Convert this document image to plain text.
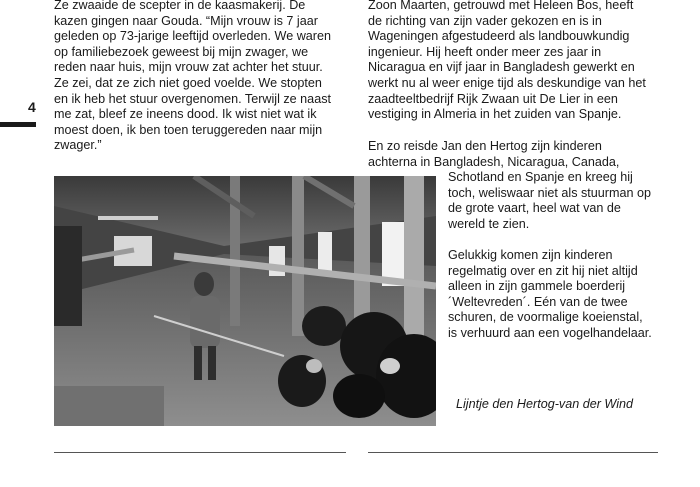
4
Ze zwaaide de scepter in de kaasmakerij. De
kazen gingen naar Gouda. “Mijn vrouw is 7 jaar
geleden op 73-jarige leeftijd overleden. We waren
op familiebezoek geweest bij mijn zwager, we
reden naar huis, mijn vrouw zat achter het stuur.
Ze zei, dat ze zich niet goed voelde. We stopten
en ik heb het stuur overgenomen. Terwijl ze naast
me zat, bleef ze ineens dood. Ik wist niet wat ik
moest doen, ik ben toen teruggereden naar mijn
zwager.”
Zoon Maarten, getrouwd met Heleen Bos, heeft
de richting van zijn vader gekozen en is in
Wageningen afgestudeerd als landbouwkundig
ingenieur. Hij heeft onder meer zes jaar in
Nicaragua en vijf jaar in Bangladesh gewerkt en
werkt nu al weer enige tijd als deskundige van het
zaadteeltbedrijf Rijk Zwaan uit De Lier in een
vestiging in Almeria in het zuiden van Spanje.
En zo reisde Jan den Hertog zijn kinderen
achterna in Bangladesh, Nicaragua, Canada,
Schotland en Spanje en kreeg hij
toch, weliswaar niet als stuurman op
de grote vaart, heel wat van de
wereld te zien.
Gelukkig komen zijn kinderen
regelmatig over en zit hij niet altijd
alleen in zijn gammele boerderij
´Weltevreden´. Eén van de twee
schuren, de voormalige koeienstal,
is verhuurd aan een vogelhandelaar.
Lijntje den Hertog-van der Wind
